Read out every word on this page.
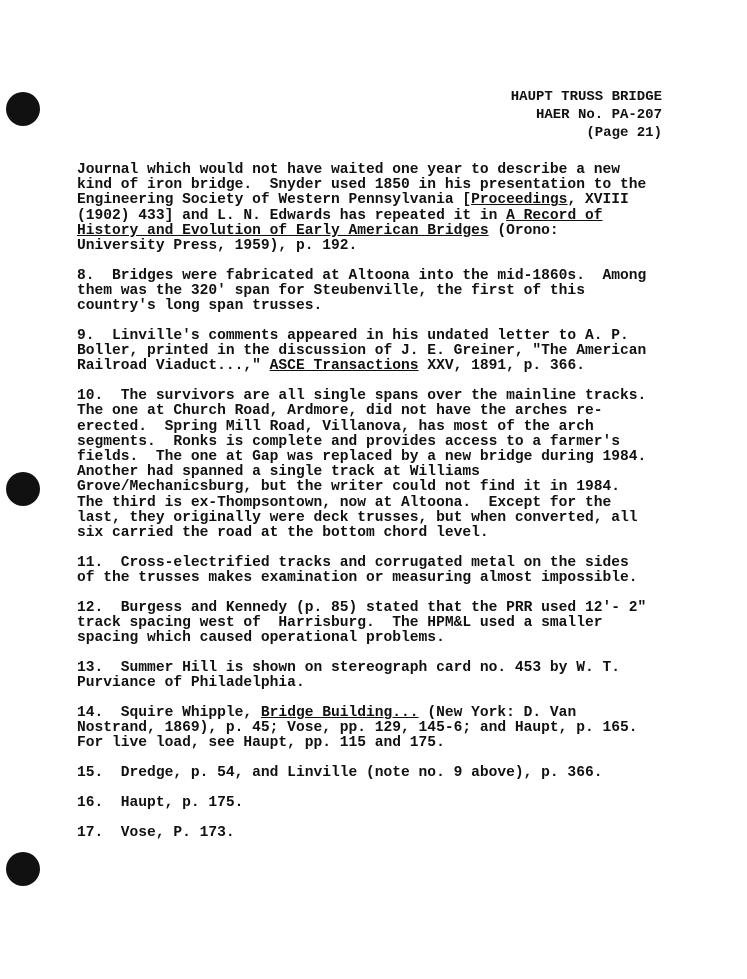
HAUPT TRUSS BRIDGE
HAER No. PA-207
(Page 21)
Journal which would not have waited one year to describe a new
kind of iron bridge.  Snyder used 1850 in his presentation to the
Engineering Society of Western Pennsylvania [Proceedings, XVIII
(1902) 433] and L. N. Edwards has repeated it in A Record of
History and Evolution of Early American Bridges (Orono:
University Press, 1959), p. 192.
8.  Bridges were fabricated at Altoona into the mid-1860s.  Among
them was the 320' span for Steubenville, the first of this
country's long span trusses.
9.  Linville's comments appeared in his undated letter to A. P.
Boller, printed in the discussion of J. E. Greiner, "The American
Railroad Viaduct...," ASCE Transactions XXV, 1891, p. 366.
10.  The survivors are all single spans over the mainline tracks.
The one at Church Road, Ardmore, did not have the arches re-
erected.  Spring Mill Road, Villanova, has most of the arch
segments.  Ronks is complete and provides access to a farmer's
fields.  The one at Gap was replaced by a new bridge during 1984.
Another had spanned a single track at Williams
Grove/Mechanicsburg, but the writer could not find it in 1984.
The third is ex-Thompsontown, now at Altoona.  Except for the
last, they originally were deck trusses, but when converted, all
six carried the road at the bottom chord level.
11.  Cross-electrified tracks and corrugated metal on the sides
of the trusses makes examination or measuring almost impossible.
12.  Burgess and Kennedy (p. 85) stated that the PRR used 12'- 2"
track spacing west of  Harrisburg.  The HPM&L used a smaller
spacing which caused operational problems.
13.  Summer Hill is shown on stereograph card no. 453 by W. T.
Purviance of Philadelphia.
14.  Squire Whipple, Bridge Building... (New York: D. Van
Nostrand, 1869), p. 45; Vose, pp. 129, 145-6; and Haupt, p. 165.
For live load, see Haupt, pp. 115 and 175.
15.  Dredge, p. 54, and Linville (note no. 9 above), p. 366.
16.  Haupt, p. 175.
17.  Vose, P. 173.
